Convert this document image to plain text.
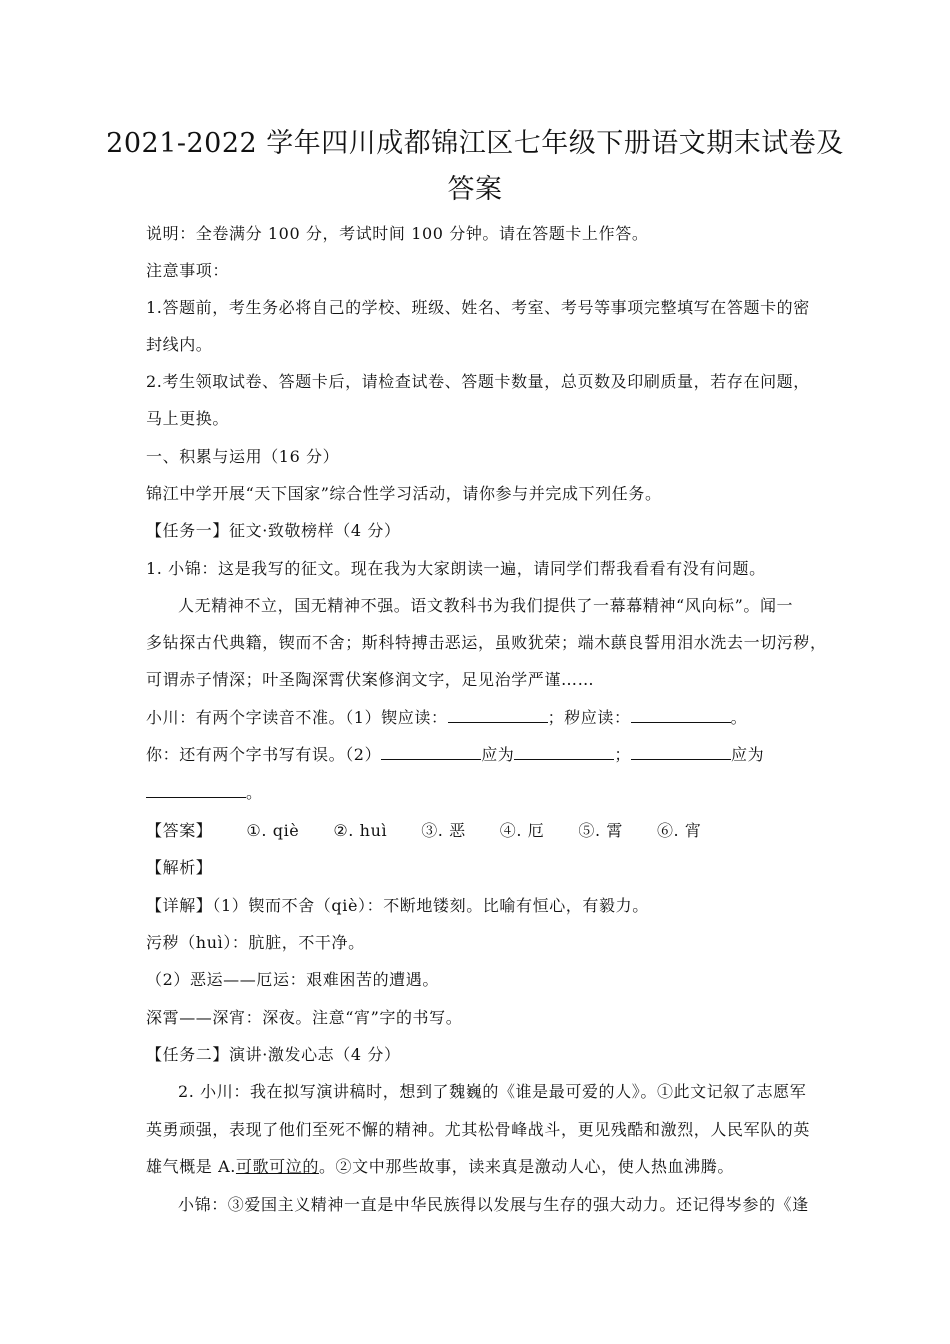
2021-2022 学年四川成都锦江区七年级下册语文期末试卷及
答案
说明：全卷满分 100 分，考试时间 100 分钟。请在答题卡上作答。
注意事项：
1.答题前，考生务必将自己的学校、班级、姓名、考室、考号等事项完整填写在答题卡的密
封线内。
2.考生领取试卷、答题卡后，请检查试卷、答题卡数量，总页数及印刷质量，若存在问题，
马上更换。
一、积累与运用（16 分）
锦江中学开展“天下国家”综合性学习活动，请你参与并完成下列任务。
【任务一】征文·致敬榜样（4 分）
1. 小锦：这是我写的征文。现在我为大家朗读一遍，请同学们帮我看看有没有问题。
人无精神不立，国无精神不强。语文教科书为我们提供了一幕幕精神“风向标”。闻一
多钻探古代典籍，锲而不舍；斯科特搏击恶运，虽败犹荣；端木蕻良誓用泪水洗去一切污秽，
可谓赤子情深；叶圣陶深霄伏案修润文字，足见治学严谨……
小川：有两个字读音不准。（1）锲应读：	；秽应读：	。
你：还有两个字书写有误。（2）	应为	；	应为
。
【答案】 ①. qiè ②. huì ③. 恶 ④. 厄 ⑤. 霄 ⑥. 宵
【解析】
【详解】（1）锲而不舍（qiè）：不断地镂刻。比喻有恒心，有毅力。
污秽（huì）：肮脏，不干净。
（2）恶运——厄运：艰难困苦的遭遇。
深霄——深宵：深夜。注意“宵”字的书写。
【任务二】演讲·激发心志（4 分）
2. 小川：我在拟写演讲稿时，想到了魏巍的《谁是最可爱的人》。①此文记叙了志愿军
英勇顽强，表现了他们至死不懈的精神。尤其松骨峰战斗，更见残酷和激烈，人民军队的英
雄气概是 A.可歌可泣的。②文中那些故事，读来真是激动人心，使人热血沸腾。
小锦：③爱国主义精神一直是中华民族得以发展与生存的强大动力。还记得岑参的《逢
